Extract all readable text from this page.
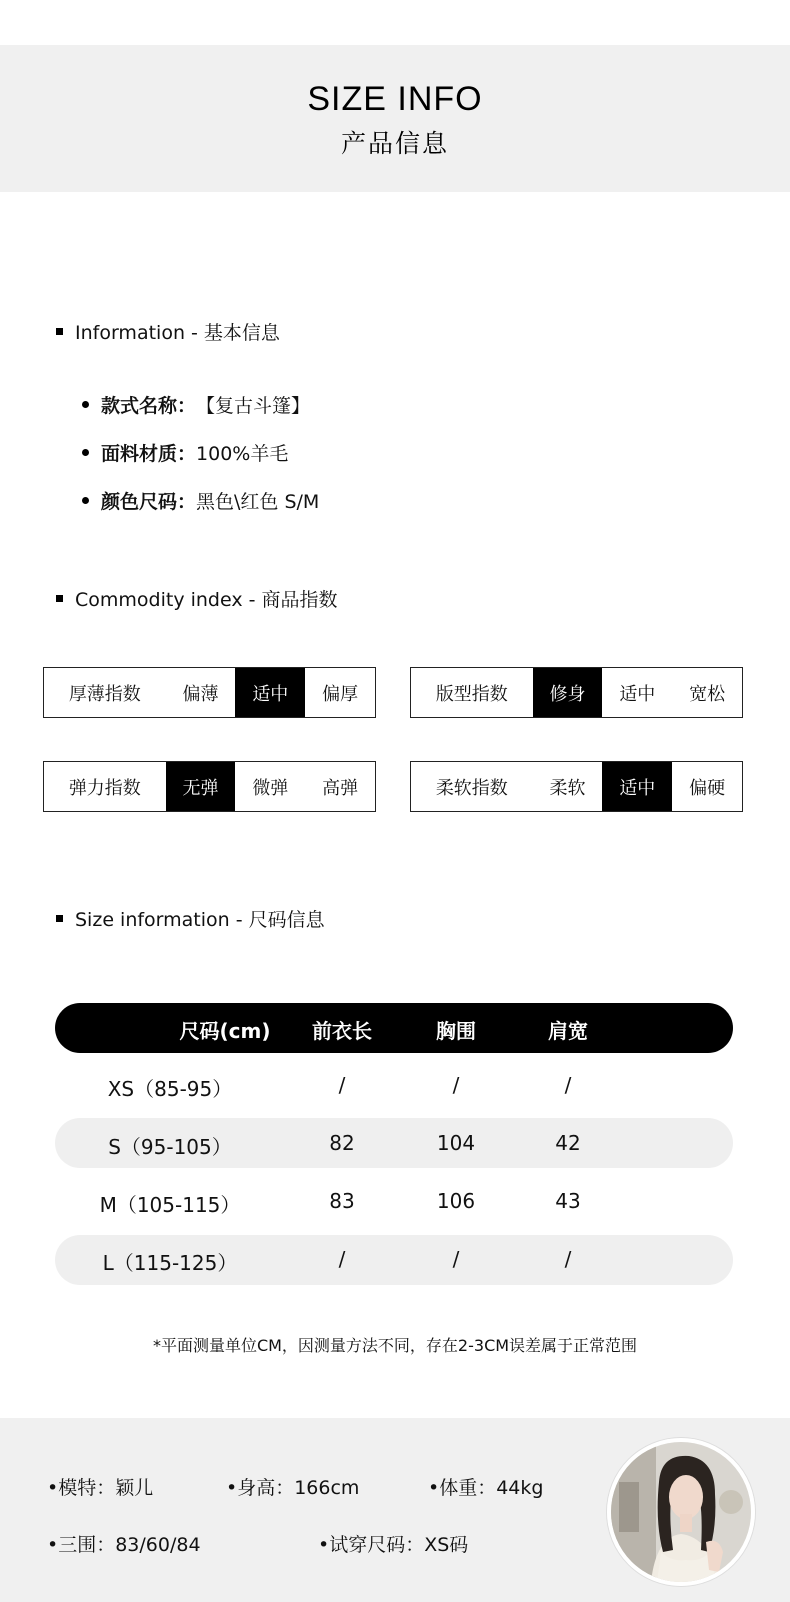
SIZE INFO
产品信息
Information - 基本信息
款式名称： 【复古斗篷】
面料材质： 100%羊毛
颜色尺码： 黑色\红色 S/M
Commodity index - 商品指数
厚薄指数	偏薄	适中	偏厚	版型指数	修身	适中	宽松
弹力指数	无弹	微弹	高弹	柔软指数	柔软	适中	偏硬
Size information - 尺码信息
尺码(cm)	前衣长	胸围	肩宽
XS（85-95）	/	/	/
S（95-105）	82	104	42
M（105-115）	83	106	43
L（115-125）	/	/	/
*平面测量单位CM，因测量方法不同，存在2-3CM误差属于正常范围
•模特：颖儿	•身高：166cm	•体重：44kg
•三围：83/60/84	•试穿尺码：XS码
